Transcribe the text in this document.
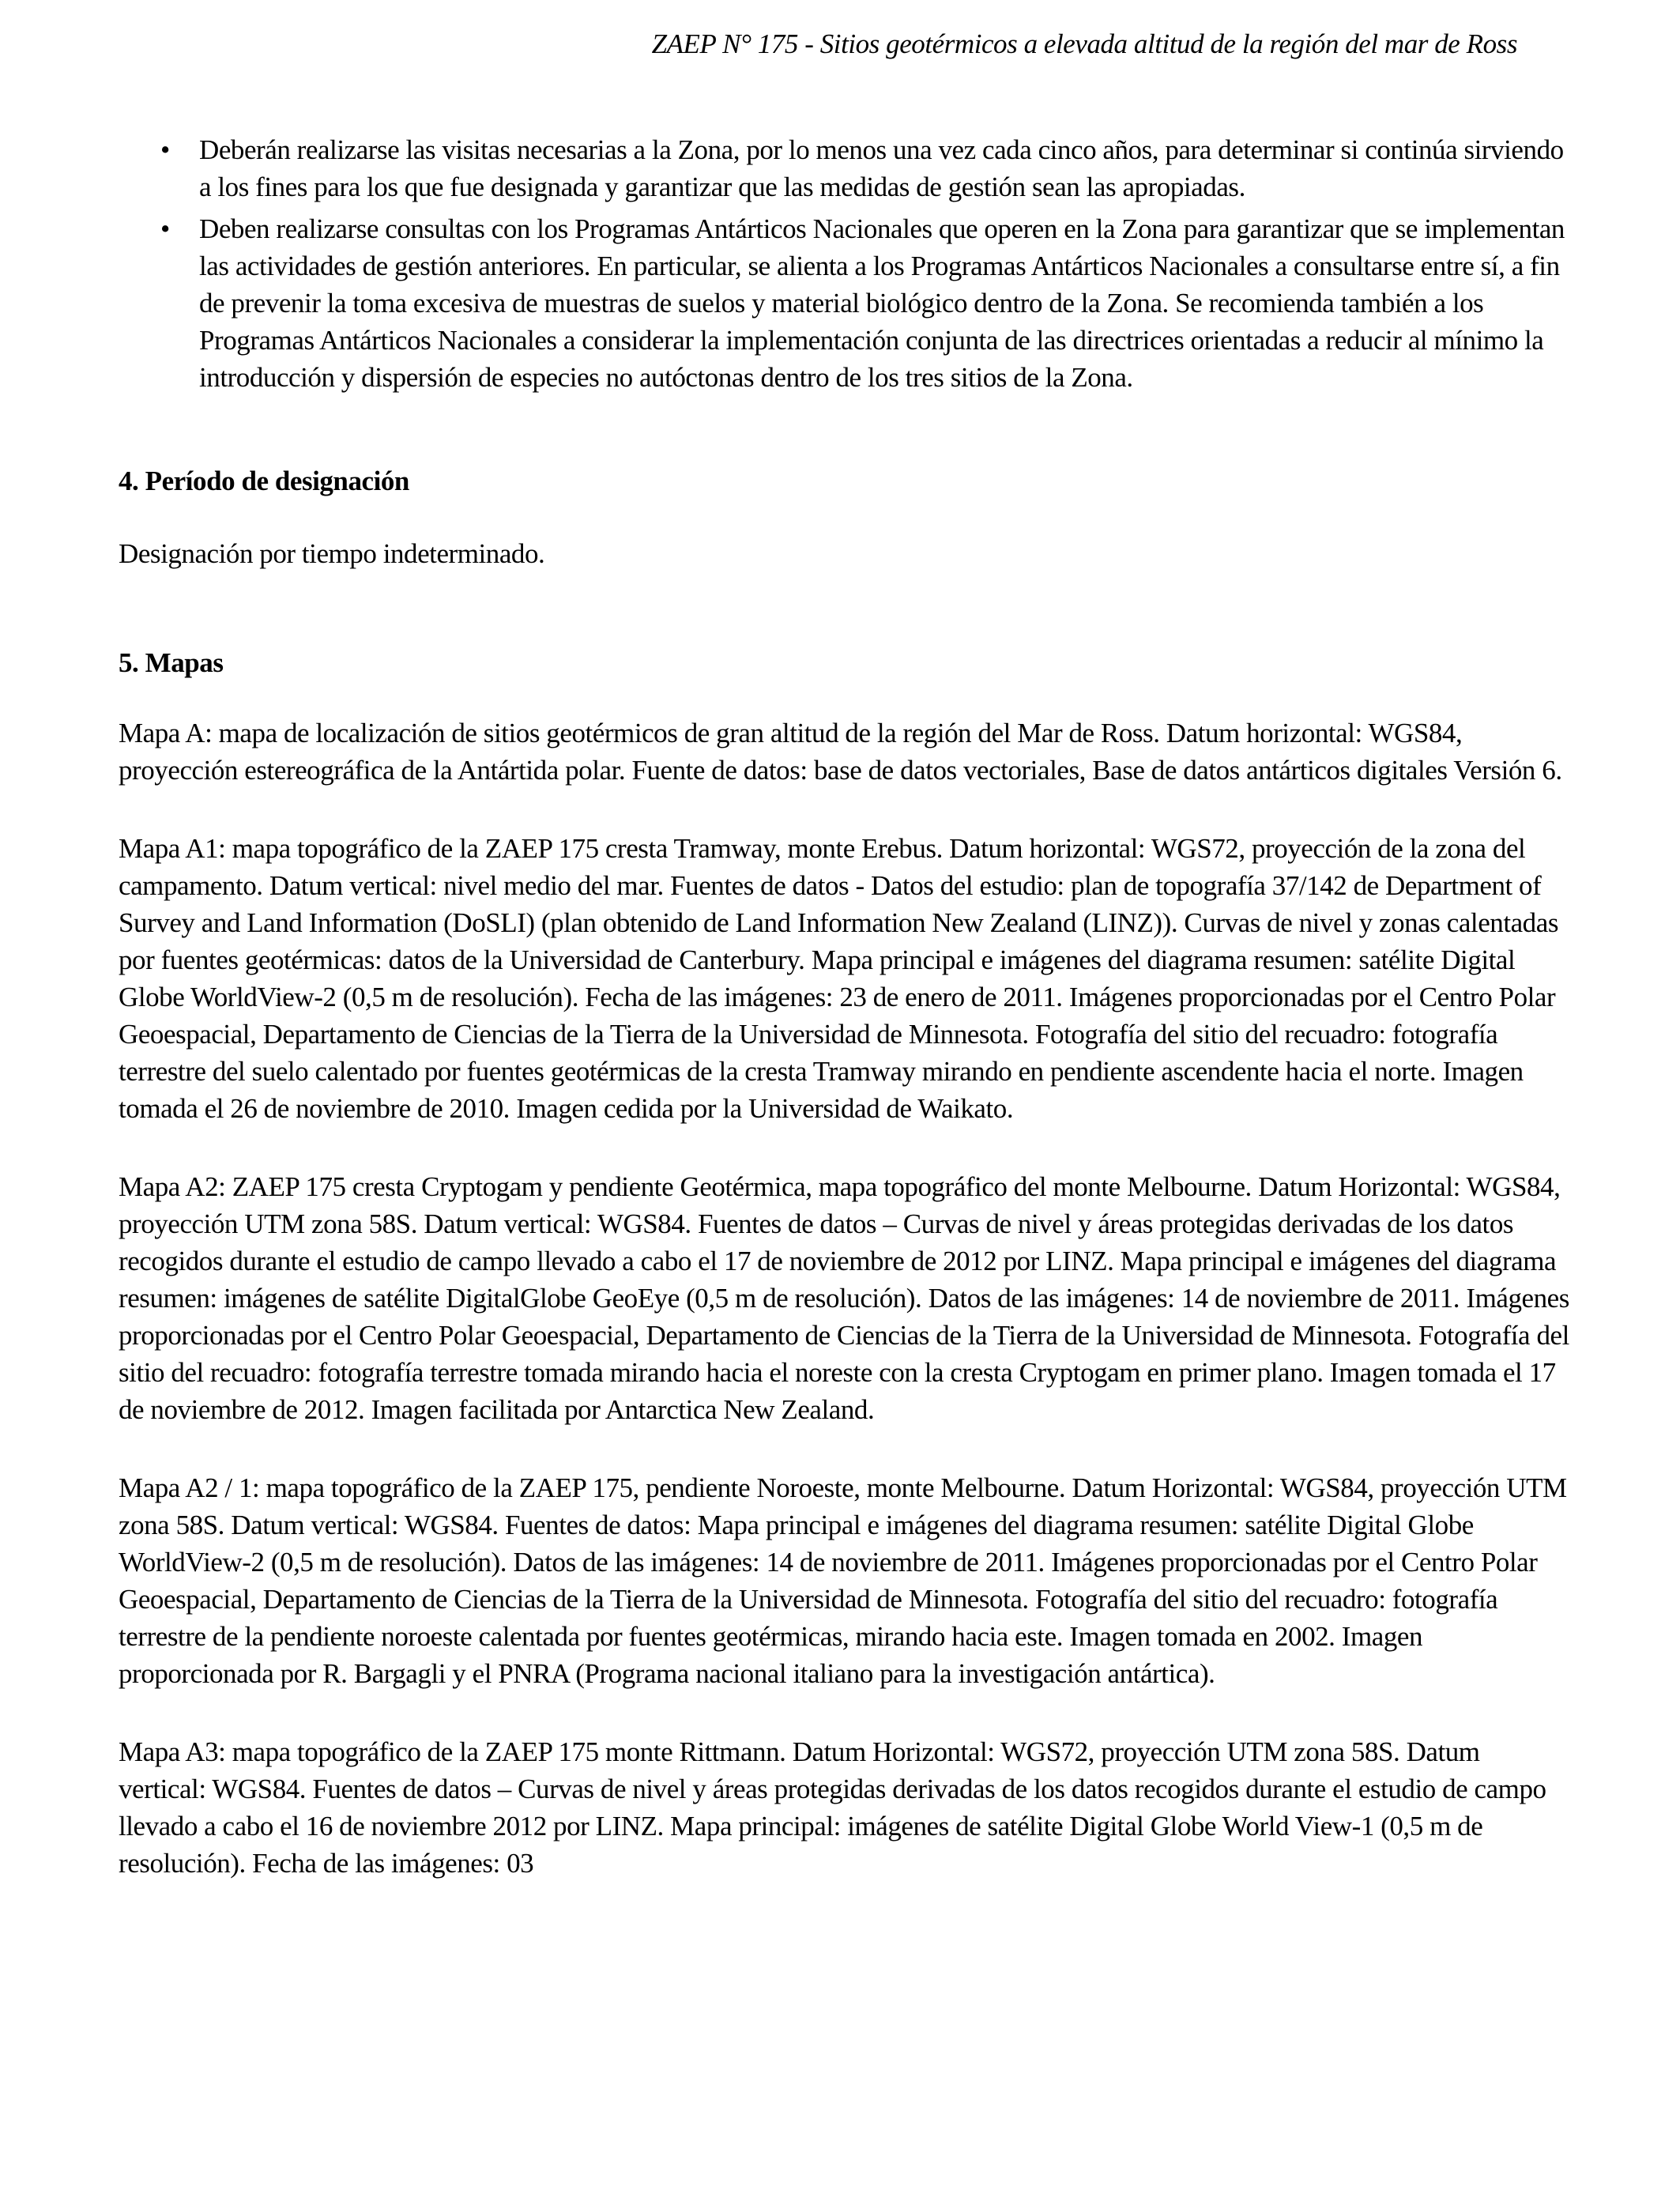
ZAEP N° 175 - Sitios geotérmicos a elevada altitud de la región del mar de Ross
• Deberán realizarse las visitas necesarias a la Zona, por lo menos una vez cada cinco años, para determinar si continúa sirviendo a los fines para los que fue designada y garantizar que las medidas de gestión sean las apropiadas.
• Deben realizarse consultas con los Programas Antárticos Nacionales que operen en la Zona para garantizar que se implementan las actividades de gestión anteriores. En particular, se alienta a los Programas Antárticos Nacionales a consultarse entre sí, a fin de prevenir la toma excesiva de muestras de suelos y material biológico dentro de la Zona. Se recomienda también a los Programas Antárticos Nacionales a considerar la implementación conjunta de las directrices orientadas a reducir al mínimo la introducción y dispersión de especies no autóctonas dentro de los tres sitios de la Zona.
4. Período de designación

Designación por tiempo indeterminado.

5. Mapas

Mapa A: mapa de localización de sitios geotérmicos de gran altitud de la región del Mar de Ross. Datum horizontal: WGS84, proyección estereográfica de la Antártida polar. Fuente de datos: base de datos vectoriales, Base de datos antárticos digitales Versión 6.

Mapa A1: mapa topográfico de la ZAEP 175 cresta Tramway, monte Erebus. Datum horizontal: WGS72, proyección de la zona del campamento. Datum vertical: nivel medio del mar. Fuentes de datos - Datos del estudio: plan de topografía 37/142 de Department of Survey and Land Information (DoSLI) (plan obtenido de Land Information New Zealand (LINZ)). Curvas de nivel y zonas calentadas por fuentes geotérmicas: datos de la Universidad de Canterbury. Mapa principal e imágenes del diagrama resumen: satélite Digital Globe WorldView-2 (0,5 m de resolución). Fecha de las imágenes: 23 de enero de 2011. Imágenes proporcionadas por el Centro Polar Geoespacial, Departamento de Ciencias de la Tierra de la Universidad de Minnesota. Fotografía del sitio del recuadro: fotografía terrestre del suelo calentado por fuentes geotérmicas de la cresta Tramway mirando en pendiente ascendente hacia el norte. Imagen tomada el 26 de noviembre de 2010. Imagen cedida por la Universidad de Waikato.

Mapa A2: ZAEP 175 cresta Cryptogam y pendiente Geotérmica, mapa topográfico del monte Melbourne. Datum Horizontal: WGS84, proyección UTM zona 58S. Datum vertical: WGS84. Fuentes de datos – Curvas de nivel y áreas protegidas derivadas de los datos recogidos durante el estudio de campo llevado a cabo el 17 de noviembre de 2012 por LINZ. Mapa principal e imágenes del diagrama resumen: imágenes de satélite DigitalGlobe GeoEye (0,5 m de resolución). Datos de las imágenes: 14 de noviembre de 2011. Imágenes proporcionadas por el Centro Polar Geoespacial, Departamento de Ciencias de la Tierra de la Universidad de Minnesota. Fotografía del sitio del recuadro: fotografía terrestre tomada mirando hacia el noreste con la cresta Cryptogam en primer plano. Imagen tomada el 17 de noviembre de 2012. Imagen facilitada por Antarctica New Zealand.

Mapa A2 / 1: mapa topográfico de la ZAEP 175, pendiente Noroeste, monte Melbourne. Datum Horizontal: WGS84, proyección UTM zona 58S. Datum vertical: WGS84. Fuentes de datos: Mapa principal e imágenes del diagrama resumen: satélite Digital Globe WorldView-2 (0,5 m de resolución). Datos de las imágenes: 14 de noviembre de 2011. Imágenes proporcionadas por el Centro Polar Geoespacial, Departamento de Ciencias de la Tierra de la Universidad de Minnesota. Fotografía del sitio del recuadro: fotografía terrestre de la pendiente noroeste calentada por fuentes geotérmicas, mirando hacia este. Imagen tomada en 2002. Imagen proporcionada por R. Bargagli y el PNRA (Programa nacional italiano para la investigación antártica).

Mapa A3: mapa topográfico de la ZAEP 175 monte Rittmann. Datum Horizontal: WGS72, proyección UTM zona 58S. Datum vertical: WGS84. Fuentes de datos – Curvas de nivel y áreas protegidas derivadas de los datos recogidos durante el estudio de campo llevado a cabo el 16 de noviembre 2012 por LINZ. Mapa principal: imágenes de satélite Digital Globe World View-1 (0,5 m de resolución). Fecha de las imágenes: 03
